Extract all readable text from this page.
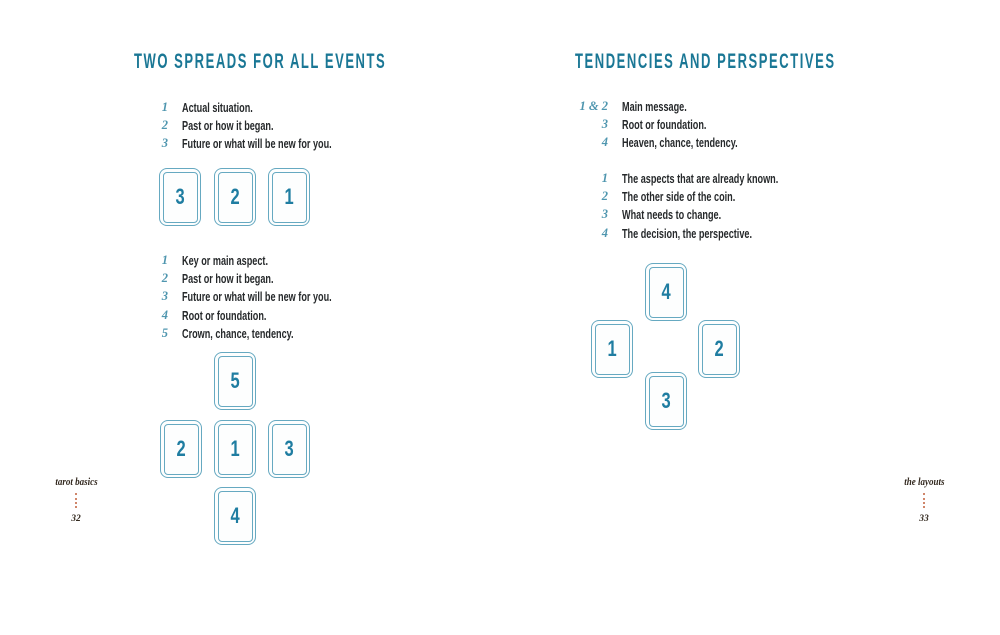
TWO SPREADS FOR ALL EVENTS
1 Actual situation.
2 Past or how it began.
3 Future or what will be new for you.
3 2 1
1 Key or main aspect.
2 Past or how it began.
3 Future or what will be new for you.
4 Root or foundation.
5 Crown, chance, tendency.
5
2 1 3
4
tarot basics
32
TENDENCIES AND PERSPECTIVES
1 & 2 Main message.
3 Root or foundation.
4 Heaven, chance, tendency.
1 The aspects that are already known.
2 The other side of the coin.
3 What needs to change.
4 The decision, the perspective.
4
1	2
3
the layouts
33
